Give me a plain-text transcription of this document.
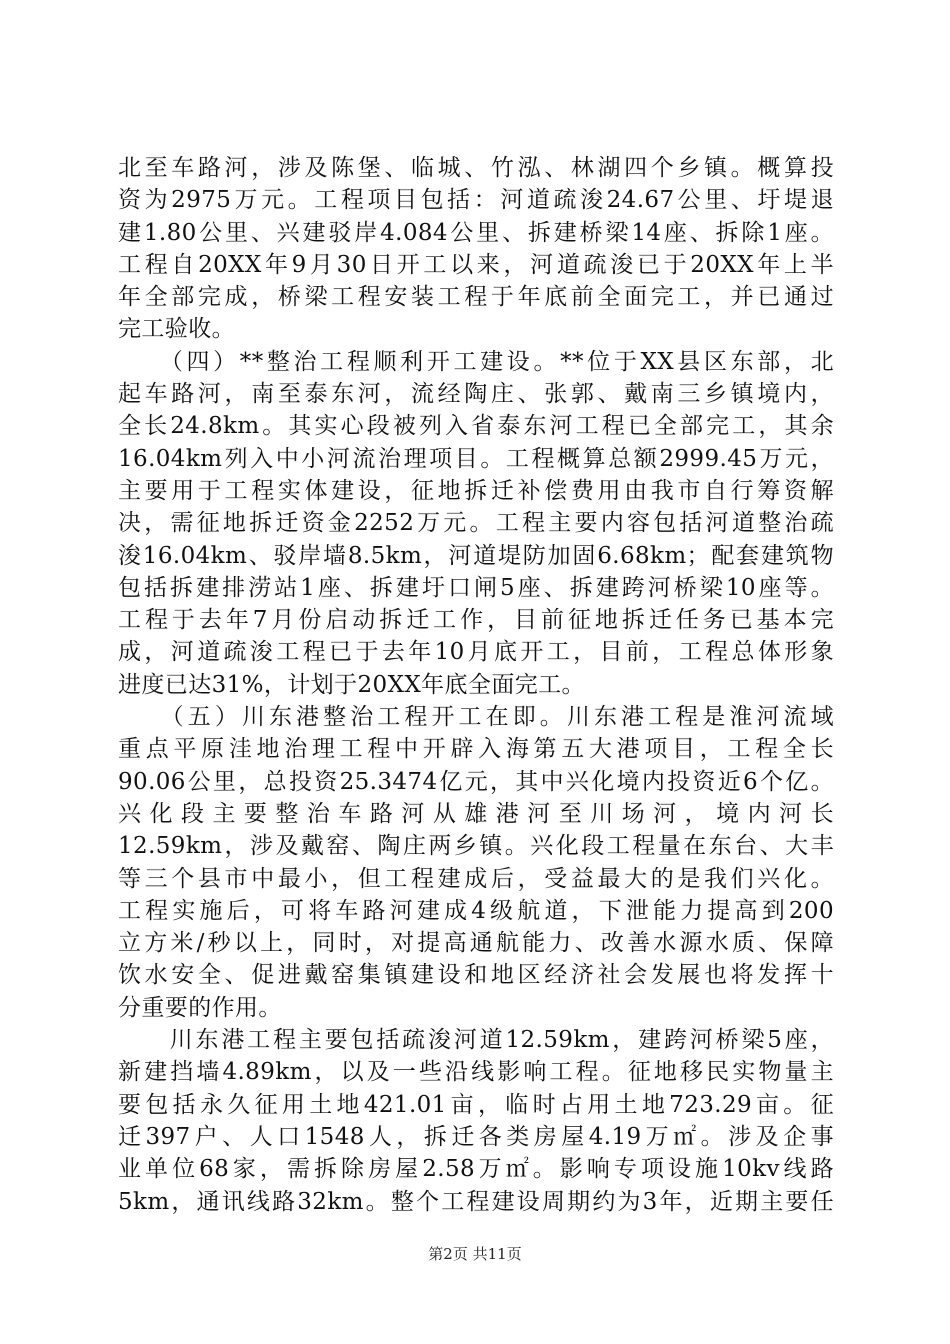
北至车路河，涉及陈堡、临城、竹泓、林湖四个乡镇。概算投
资为2975万元。工程项目包括：河道疏浚24.67公里、圩堤退
建1.80公里、兴建驳岸4.084公里、拆建桥梁14座、拆除1座。
工程自20XX年9月30日开工以来，河道疏浚已于20XX年上半
年全部完成，桥梁工程安装工程于年底前全面完工，并已通过
完工验收。
　　（四）**整治工程顺利开工建设。**位于XX县区东部，北
起车路河，南至泰东河，流经陶庄、张郭、戴南三乡镇境内，
全长24.8km。其实心段被列入省泰东河工程已全部完工，其余
16.04km列入中小河流治理项目。工程概算总额2999.45万元，
主要用于工程实体建设，征地拆迁补偿费用由我市自行筹资解
决，需征地拆迁资金2252万元。工程主要内容包括河道整治疏
浚16.04km、驳岸墙8.5km，河道堤防加固6.68km；配套建筑物
包括拆建排涝站1座、拆建圩口闸5座、拆建跨河桥梁10座等。
工程于去年7月份启动拆迁工作，目前征地拆迁任务已基本完
成，河道疏浚工程已于去年10月底开工，目前，工程总体形象
进度已达31%，计划于20XX年底全面完工。
　　（五）川东港整治工程开工在即。川东港工程是淮河流域
重点平原洼地治理工程中开辟入海第五大港项目，工程全长
90.06公里，总投资25.3474亿元，其中兴化境内投资近6个亿。
兴化段主要整治车路河从雄港河至川场河，境内河长
12.59km，涉及戴窑、陶庄两乡镇。兴化段工程量在东台、大丰
等三个县市中最小，但工程建成后，受益最大的是我们兴化。
工程实施后，可将车路河建成4级航道，下泄能力提高到200
立方米/秒以上，同时，对提高通航能力、改善水源水质、保障
饮水安全、促进戴窑集镇建设和地区经济社会发展也将发挥十
分重要的作用。
　　川东港工程主要包括疏浚河道12.59km，建跨河桥梁5座，
新建挡墙4.89km，以及一些沿线影响工程。征地移民实物量主
要包括永久征用土地421.01亩，临时占用土地723.29亩。征
迁397户、人口1548人，拆迁各类房屋4.19万㎡。涉及企事
业单位68家，需拆除房屋2.58万㎡。影响专项设施10kv线路
5km，通讯线路32km。整个工程建设周期约为3年，近期主要任
第2页 共11页
